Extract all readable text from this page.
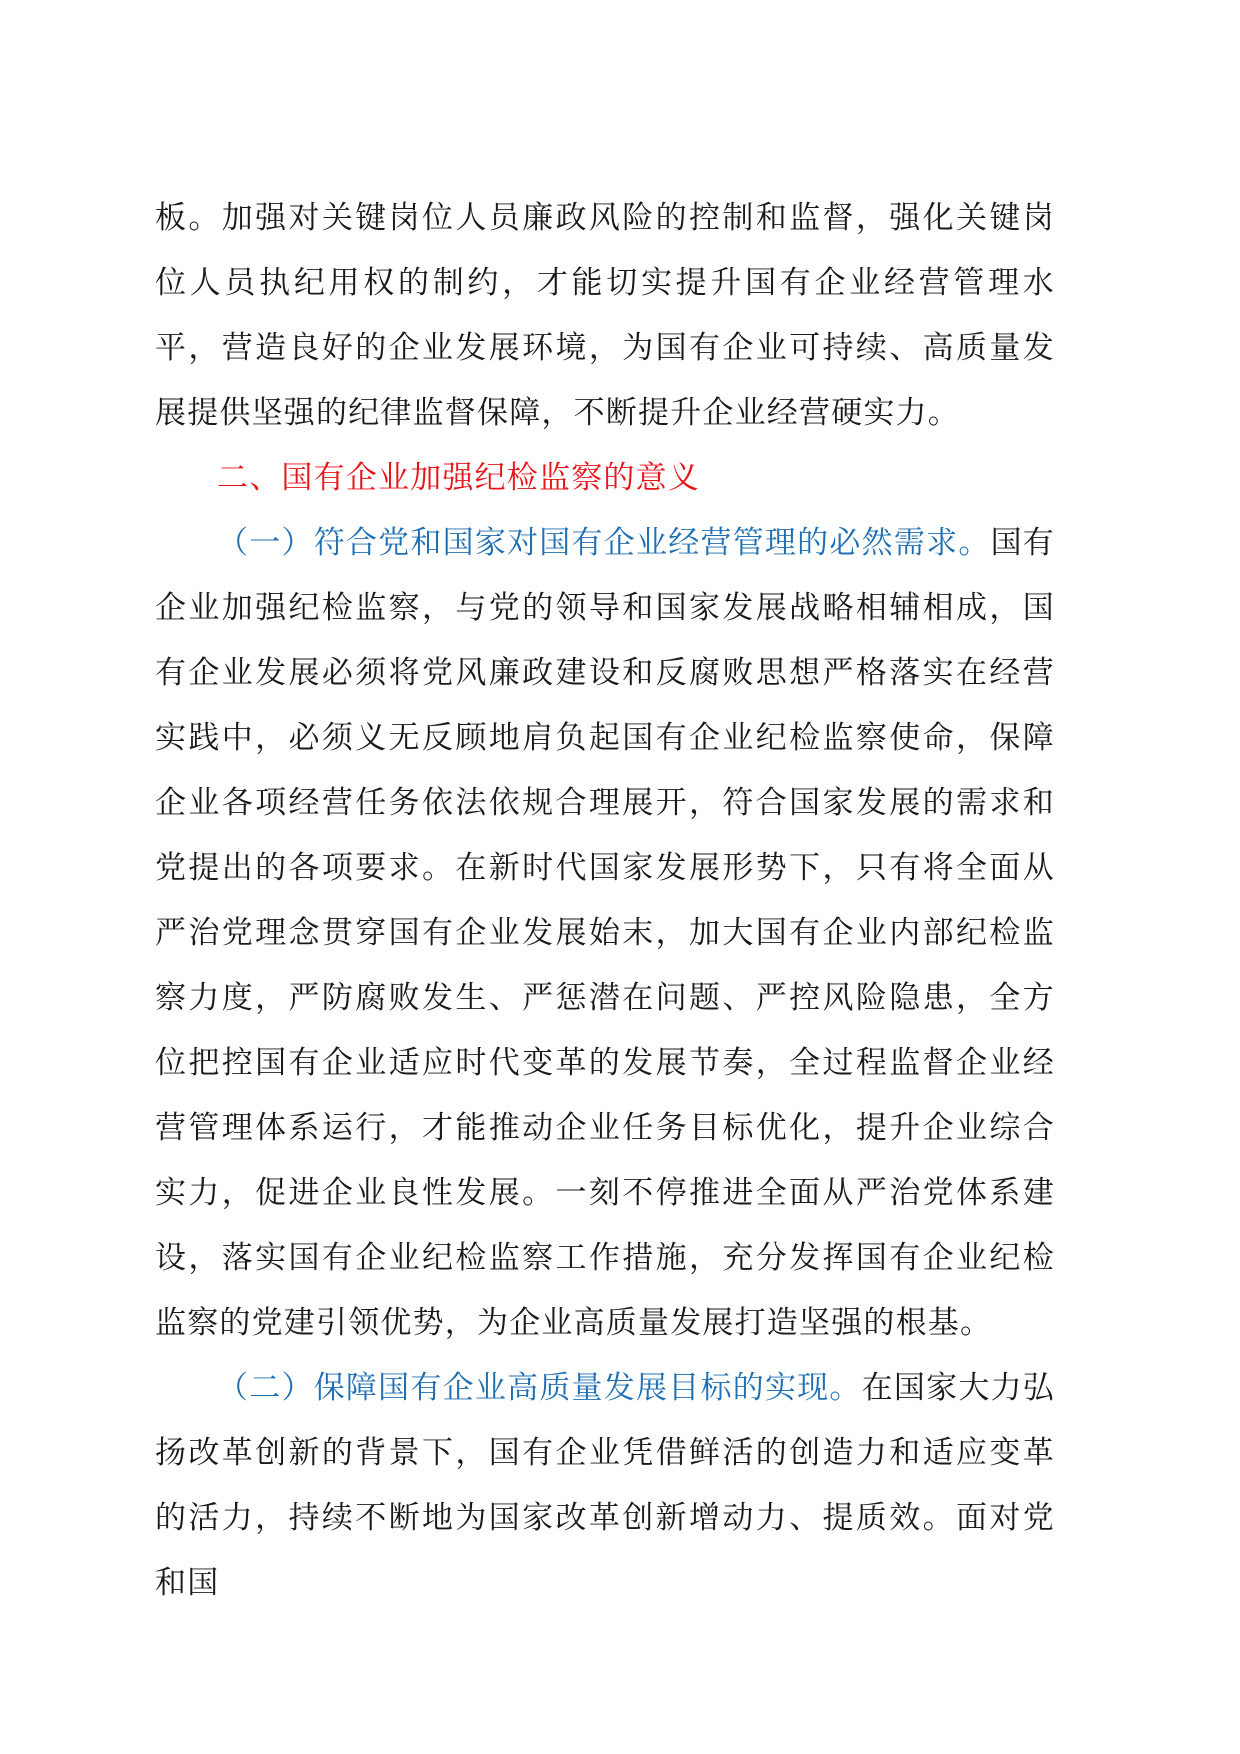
板。加强对关键岗位人员廉政风险的控制和监督，强化关键岗位人员执纪用权的制约，才能切实提升国有企业经营管理水平，营造良好的企业发展环境，为国有企业可持续、高质量发展提供坚强的纪律监督保障，不断提升企业经营硬实力。

二、国有企业加强纪检监察的意义

（一）符合党和国家对国有企业经营管理的必然需求。国有企业加强纪检监察，与党的领导和国家发展战略相辅相成，国有企业发展必须将党风廉政建设和反腐败思想严格落实在经营实践中，必须义无反顾地肩负起国有企业纪检监察使命，保障企业各项经营任务依法依规合理展开，符合国家发展的需求和党提出的各项要求。在新时代国家发展形势下，只有将全面从严治党理念贯穿国有企业发展始末，加大国有企业内部纪检监察力度，严防腐败发生、严惩潜在问题、严控风险隐患，全方位把控国有企业适应时代变革的发展节奏，全过程监督企业经营管理体系运行，才能推动企业任务目标优化，提升企业综合实力，促进企业良性发展。一刻不停推进全面从严治党体系建设，落实国有企业纪检监察工作措施，充分发挥国有企业纪检监察的党建引领优势，为企业高质量发展打造坚强的根基。

（二）保障国有企业高质量发展目标的实现。在国家大力弘扬改革创新的背景下，国有企业凭借鲜活的创造力和适应变革的活力，持续不断地为国家改革创新增动力、提质效。面对党和国
